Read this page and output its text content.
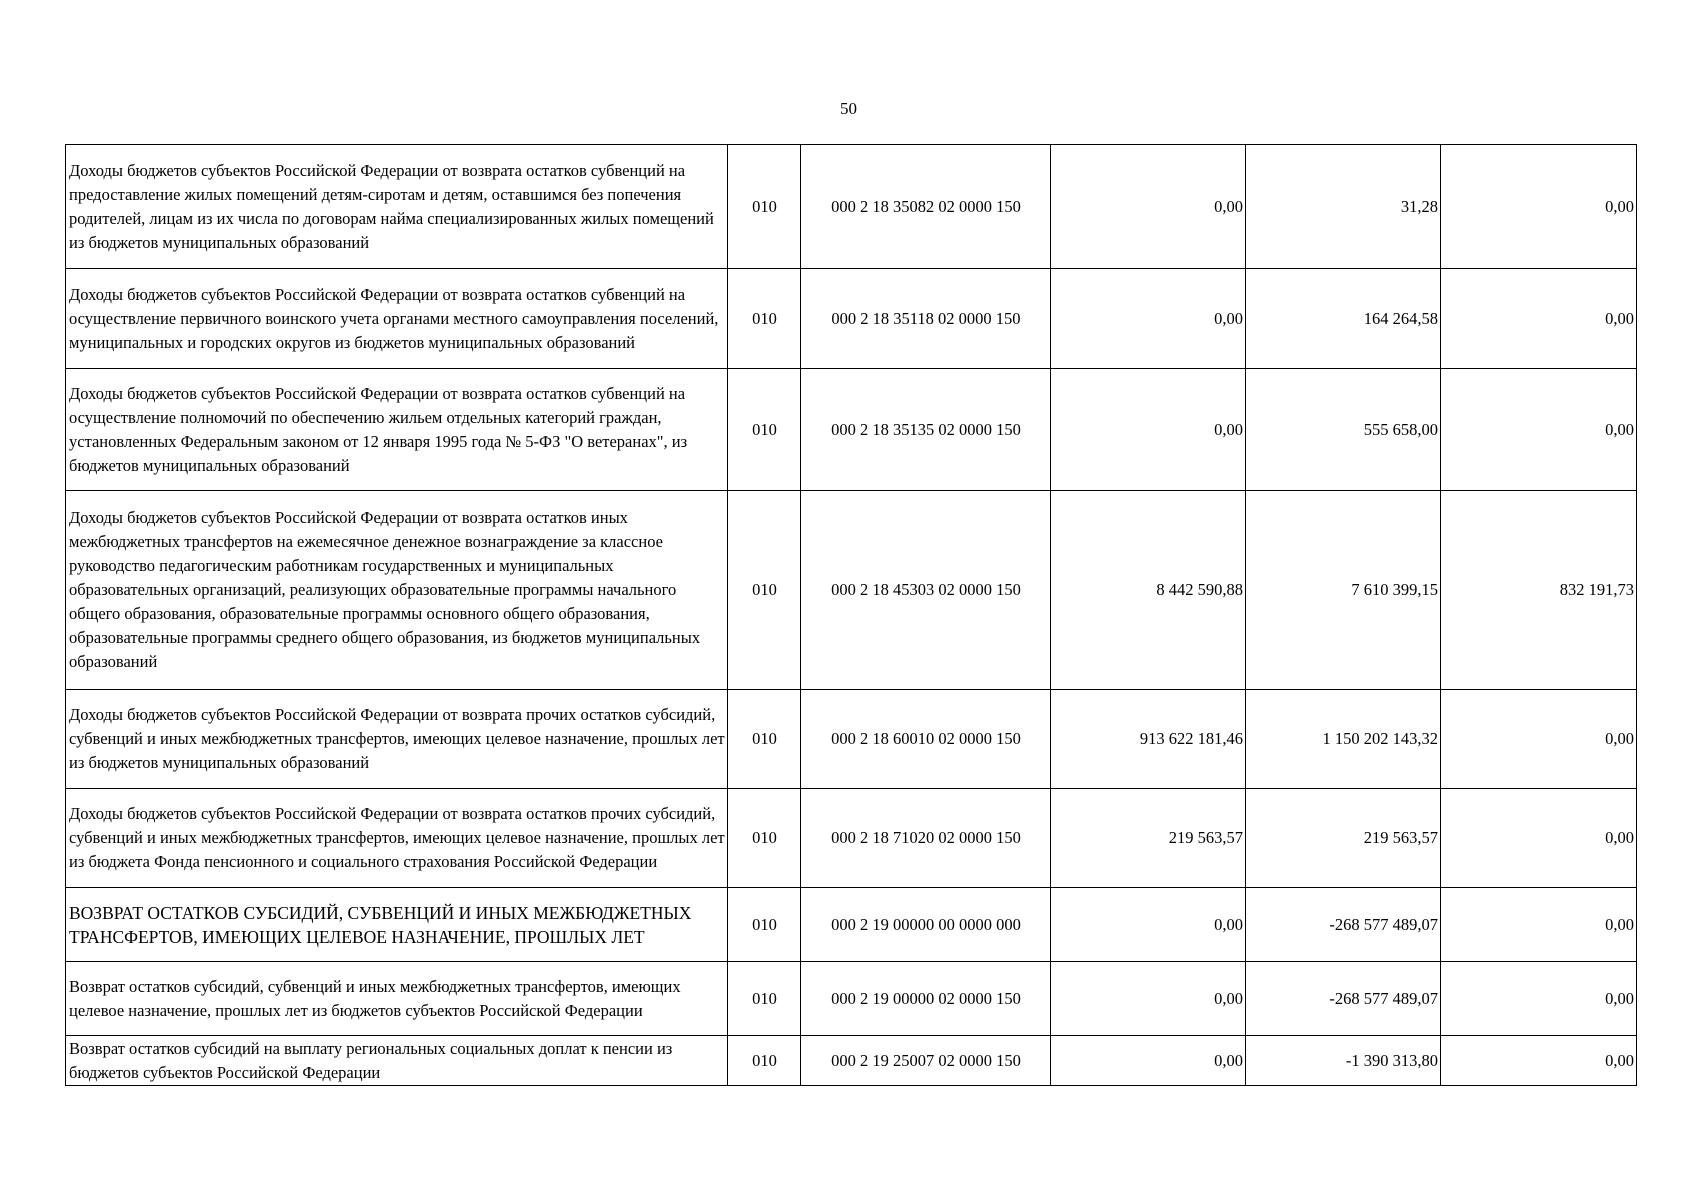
50
Доходы бюджетов субъектов Российской Федерации от возврата остатков субвенций на предоставление жилых помещений детям-сиротам и детям, оставшимся без попечения родителей, лицам из их числа по договорам найма специализированных жилых помещений из бюджетов муниципальных образований	010	000 2 18 35082 02 0000 150	0,00	31,28	0,00
Доходы бюджетов субъектов Российской Федерации от возврата остатков субвенций на осуществление первичного воинского учета органами местного самоуправления поселений, муниципальных и городских округов из бюджетов муниципальных образований	010	000 2 18 35118 02 0000 150	0,00	164 264,58	0,00
Доходы бюджетов субъектов Российской Федерации от возврата остатков субвенций на осуществление полномочий по обеспечению жильем отдельных категорий граждан, установленных Федеральным законом от 12 января 1995 года № 5-ФЗ "О ветеранах", из бюджетов муниципальных образований	010	000 2 18 35135 02 0000 150	0,00	555 658,00	0,00
Доходы бюджетов субъектов Российской Федерации от возврата остатков иных межбюджетных трансфертов на ежемесячное денежное вознаграждение за классное руководство педагогическим работникам государственных и муниципальных образовательных организаций, реализующих образовательные программы начального общего образования, образовательные программы основного общего образования, образовательные программы среднего общего образования, из бюджетов муниципальных образований	010	000 2 18 45303 02 0000 150	8 442 590,88	7 610 399,15	832 191,73
Доходы бюджетов субъектов Российской Федерации от возврата прочих остатков субсидий, субвенций и иных межбюджетных трансфертов, имеющих целевое назначение, прошлых лет из бюджетов муниципальных образований	010	000 2 18 60010 02 0000 150	913 622 181,46	1 150 202 143,32	0,00
Доходы бюджетов субъектов Российской Федерации от возврата остатков прочих субсидий, субвенций и иных межбюджетных трансфертов, имеющих целевое назначение, прошлых лет из бюджета Фонда пенсионного и социального страхования Российской Федерации	010	000 2 18 71020 02 0000 150	219 563,57	219 563,57	0,00
ВОЗВРАТ ОСТАТКОВ СУБСИДИЙ, СУБВЕНЦИЙ И ИНЫХ МЕЖБЮДЖЕТНЫХ ТРАНСФЕРТОВ, ИМЕЮЩИХ ЦЕЛЕВОЕ НАЗНАЧЕНИЕ, ПРОШЛЫХ ЛЕТ	010	000 2 19 00000 00 0000 000	0,00	-268 577 489,07	0,00
Возврат остатков субсидий, субвенций и иных межбюджетных трансфертов, имеющих целевое назначение, прошлых лет из бюджетов субъектов Российской Федерации	010	000 2 19 00000 02 0000 150	0,00	-268 577 489,07	0,00
Возврат остатков субсидий на выплату региональных социальных доплат к пенсии из бюджетов субъектов Российской Федерации	010	000 2 19 25007 02 0000 150	0,00	-1 390 313,80	0,00
